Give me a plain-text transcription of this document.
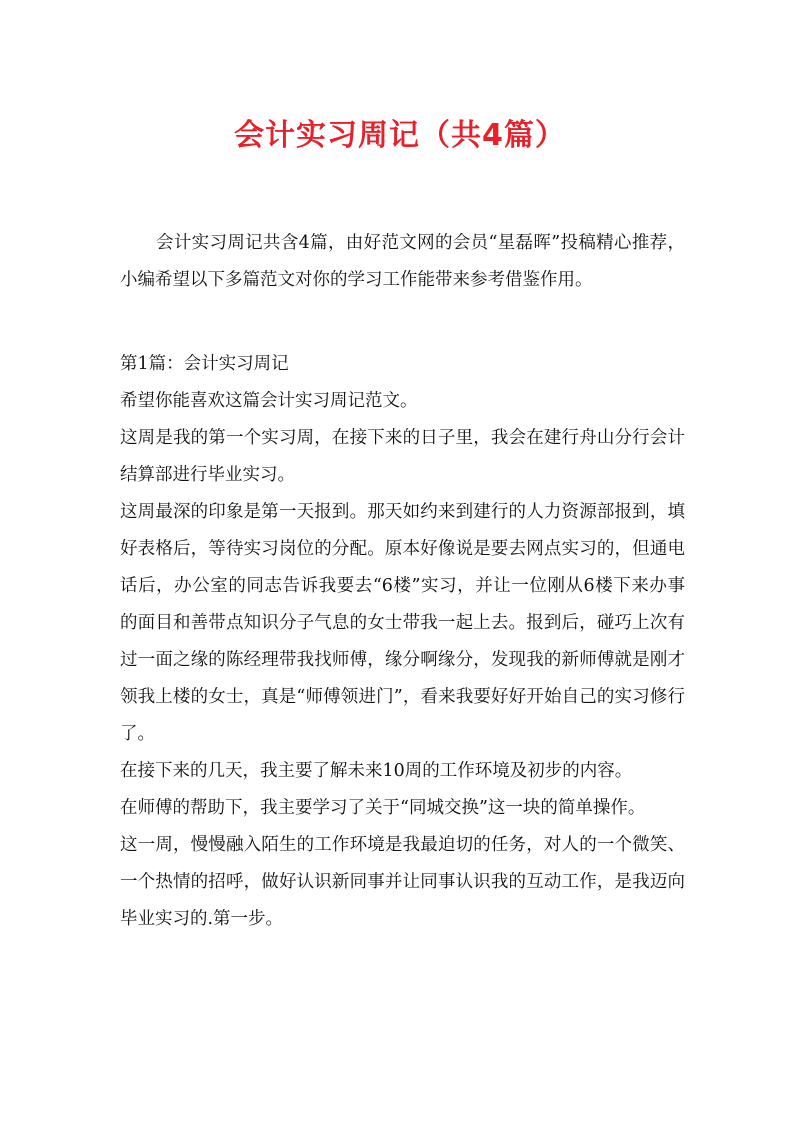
会计实习周记（共4篇）

会计实习周记共含4篇，由好范文网的会员“星磊晖”投稿精心推荐，小编希望以下多篇范文对你的学习工作能带来参考借鉴作用。

第1篇：会计实习周记

希望你能喜欢这篇会计实习周记范文。

这周是我的第一个实习周，在接下来的日子里，我会在建行舟山分行会计结算部进行毕业实习。

这周最深的印象是第一天报到。那天如约来到建行的人力资源部报到，填好表格后，等待实习岗位的分配。原本好像说是要去网点实习的，但通电话后，办公室的同志告诉我要去“6楼”实习，并让一位刚从6楼下来办事的面目和善带点知识分子气息的女士带我一起上去。报到后，碰巧上次有过一面之缘的陈经理带我找师傅，缘分啊缘分，发现我的新师傅就是刚才领我上楼的女士，真是“师傅领进门”，看来我要好好开始自己的实习修行了。

在接下来的几天，我主要了解未来10周的工作环境及初步的内容。

在师傅的帮助下，我主要学习了关于“同城交换”这一块的简单操作。

这一周，慢慢融入陌生的工作环境是我最迫切的任务，对人的一个微笑、一个热情的招呼，做好认识新同事并让同事认识我的互动工作，是我迈向毕业实习的.第一步。
